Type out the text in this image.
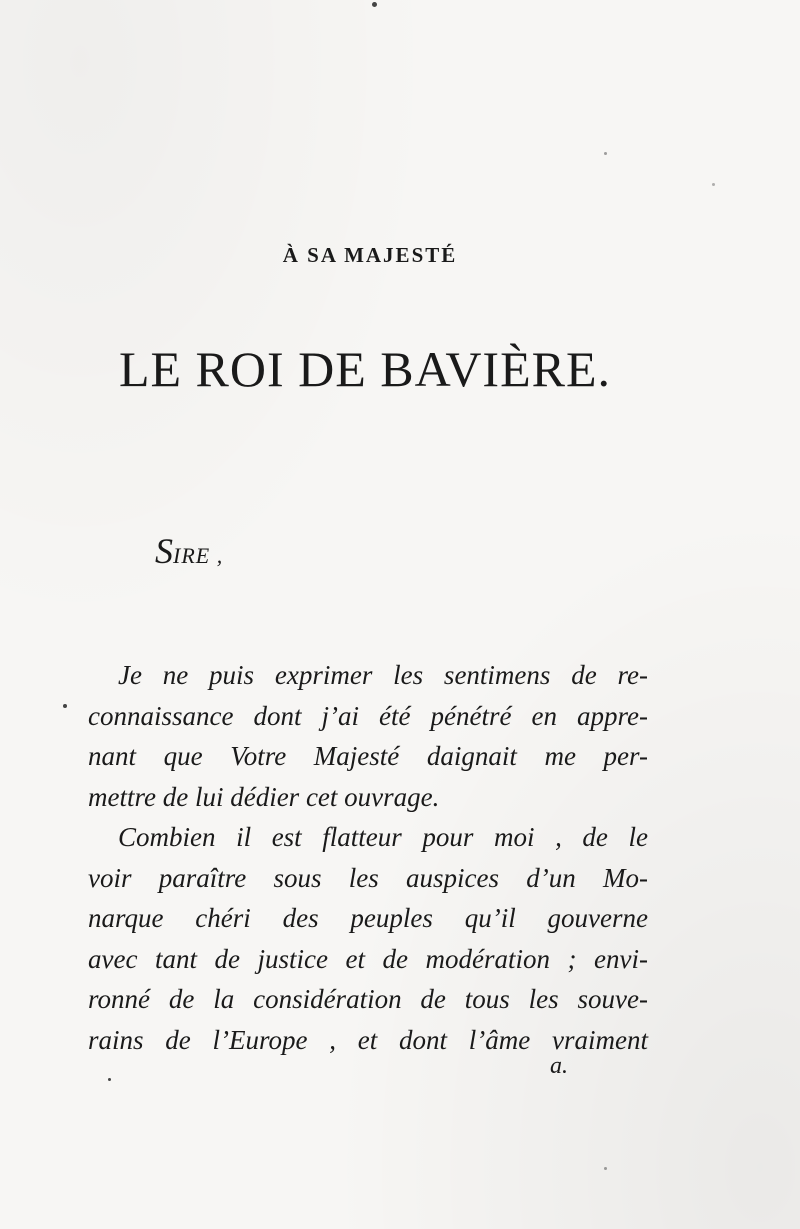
À SA MAJESTÉ
LE ROI DE BAVIÈRE.
SIRE ,
Je ne puis exprimer les sentimens de re-
connaissance dont j’ai été pénétré en appre-
nant que Votre Majesté daignait me per-
mettre de lui dédier cet ouvrage.
Combien il est flatteur pour moi , de le
voir paraître sous les auspices d’un Mo-
narque chéri des peuples qu’il gouverne
avec tant de justice et de modération ; envi-
ronné de la considération de tous les souve-
rains de l’Europe , et dont l’âme vraiment
a.
